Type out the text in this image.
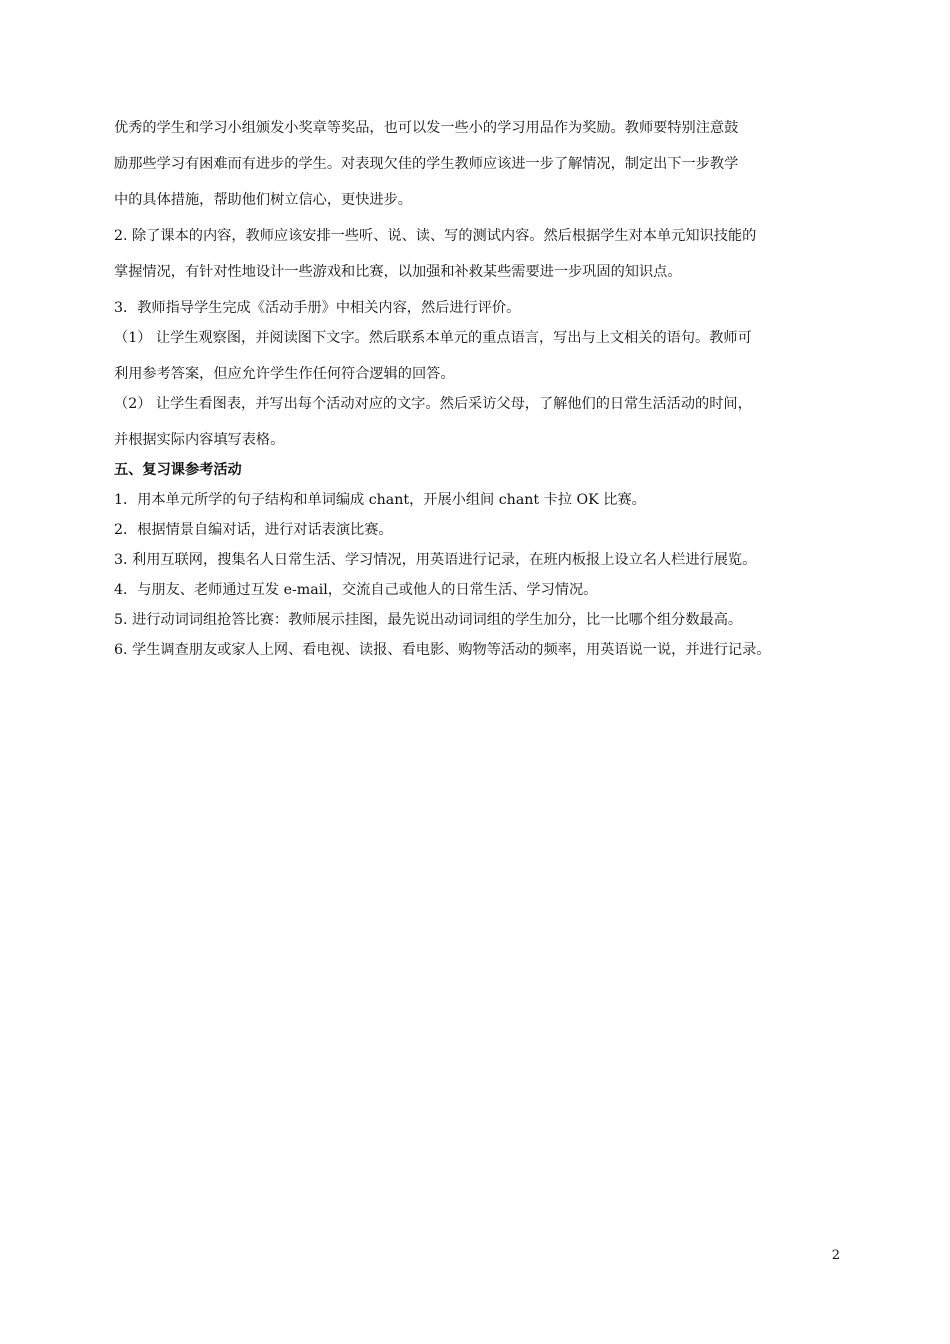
优秀的学生和学习小组颁发小奖章等奖品，也可以发一些小的学习用品作为奖励。教师要特别注意鼓
励那些学习有困难而有进步的学生。对表现欠佳的学生教师应该进一步了解情况，制定出下一步教学
中的具体措施，帮助他们树立信心，更快进步。
2. 除了课本的内容，教师应该安排一些听、说、读、写的测试内容。然后根据学生对本单元知识技能的
掌握情况，有针对性地设计一些游戏和比赛，以加强和补救某些需要进一步巩固的知识点。
3．教师指导学生完成《活动手册》中相关内容，然后进行评价。
（1） 让学生观察图，并阅读图下文字。然后联系本单元的重点语言，写出与上文相关的语句。教师可
利用参考答案，但应允许学生作任何符合逻辑的回答。
（2） 让学生看图表，并写出每个活动对应的文字。然后采访父母，了解他们的日常生活活动的时间，
并根据实际内容填写表格。
五、复习课参考活动
1．用本单元所学的句子结构和单词编成 chant，开展小组间 chant 卡拉 OK 比赛。
2．根据情景自编对话，进行对话表演比赛。
3. 利用互联网，搜集名人日常生活、学习情况，用英语进行记录，在班内板报上设立名人栏进行展览。
4．与朋友、老师通过互发 e-mail，交流自己或他人的日常生活、学习情况。
5. 进行动词词组抢答比赛：教师展示挂图，最先说出动词词组的学生加分，比一比哪个组分数最高。
6. 学生调查朋友或家人上网、看电视、读报、看电影、购物等活动的频率，用英语说一说，并进行记录。
2
